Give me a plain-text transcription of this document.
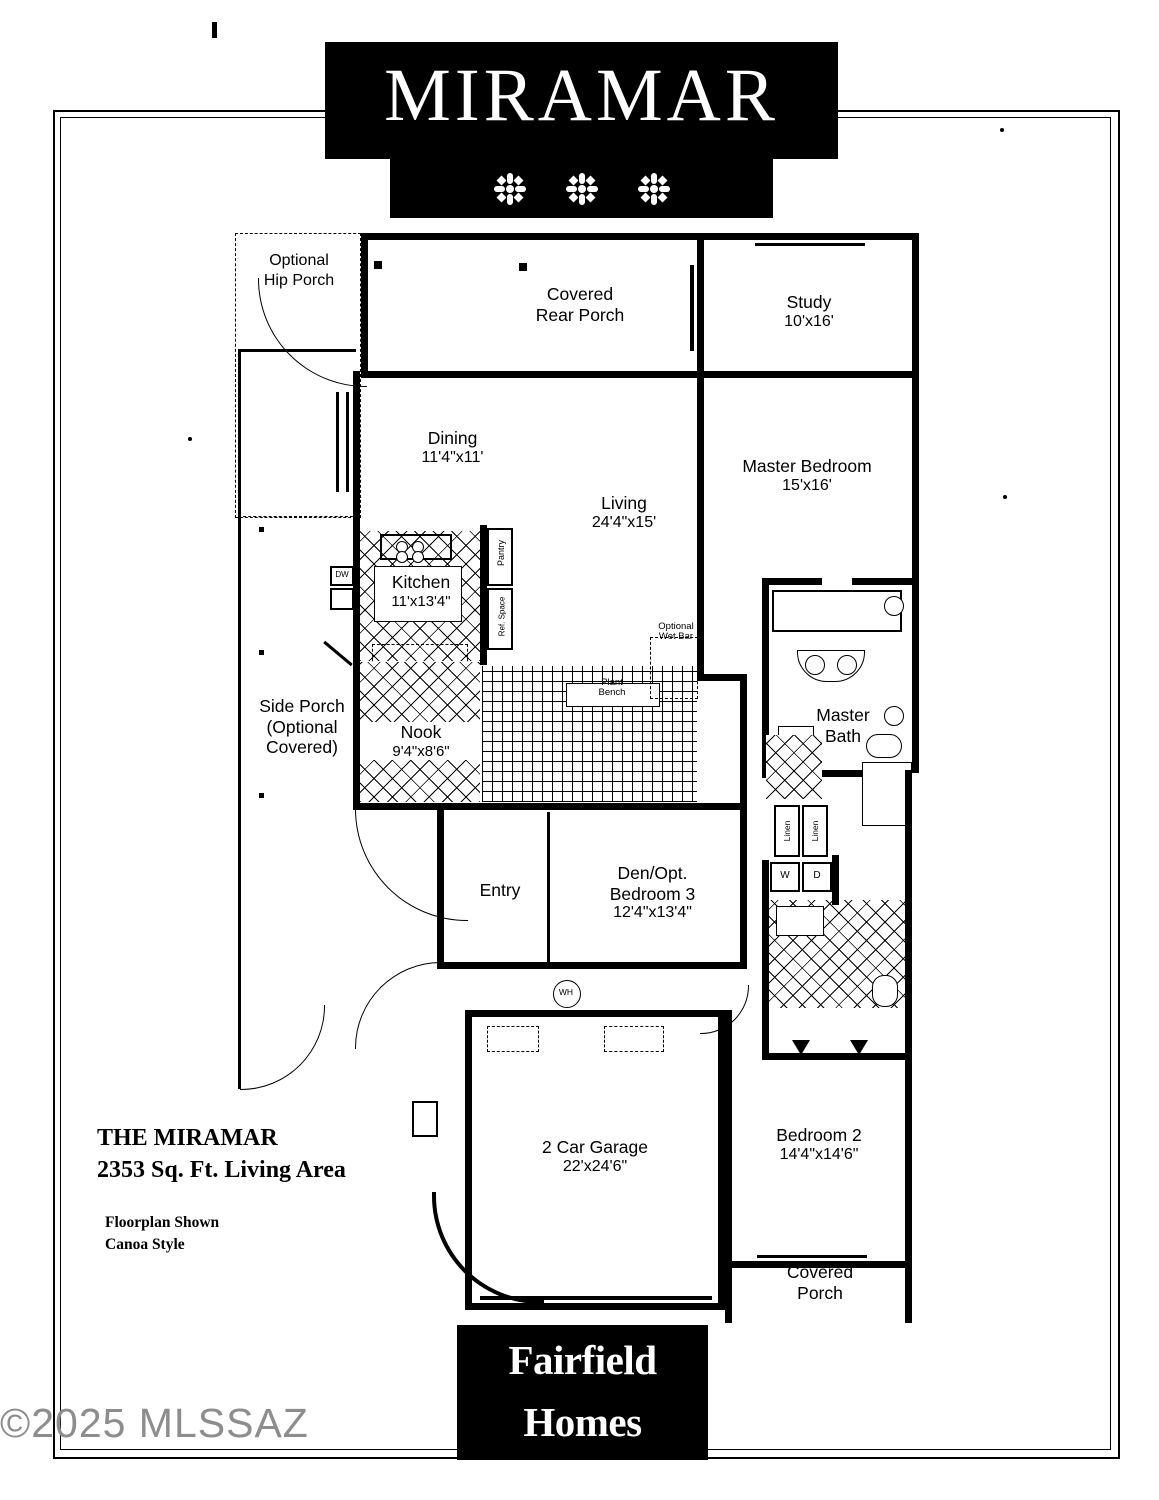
MIRAMAR
Covered
Rear Porch
Study
10'x16'
Optional
Hip Porch
Dining
11'4"x11'
Living
24'4"x15'
Master Bedroom
15'x16'
DW	Kitchen
11'x13'4"
Pantry
Ref. Space
Nook
9'4"x8'6"
Plant
Bench
Optional
Wet Bar
Side Porch
(Optional
Covered)
Master
Bath
Linen Linen
W	D
Entry
Den/Opt.
Bedroom 3
12'4"x13'4"
WH
2 Car Garage
22'x24'6"
Bedroom 2
14'4"x14'6"
Covered
Porch
THE MIRAMAR
2353 Sq. Ft. Living Area
Floorplan Shown
Canoa Style
Fairfield
Homes
©2025 MLSSAZ
